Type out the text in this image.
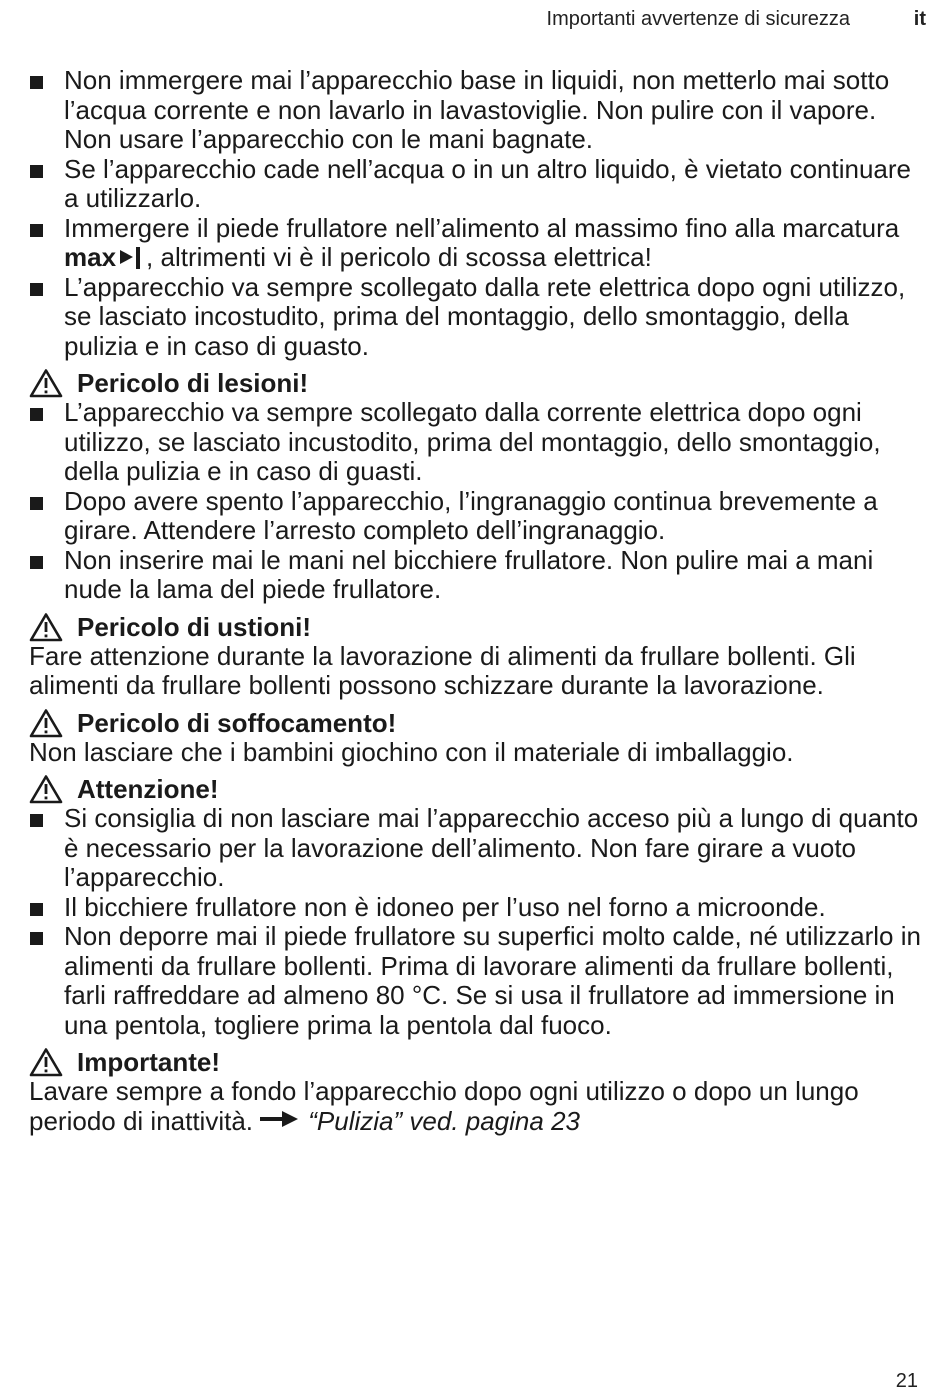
Importanti avvertenze di sicurezza	it
Non immergere mai l’apparecchio base in liquidi, non metterlo mai sotto l’acqua corrente e non lavarlo in lavastoviglie. Non pulire con il vapore. Non usare l’apparecchio con le mani bagnate.
Se l’apparecchio cade nell’acqua o in un altro liquido, è vietato continuare a utilizzarlo.
Immergere il piede frullatore nell’alimento al massimo fino alla marcatura max , altrimenti vi è il pericolo di scossa elettrica!
L’apparecchio va sempre scollegato dalla rete elettrica dopo ogni utilizzo, se lasciato incostudito, prima del montaggio, dello smontaggio, della pulizia e in caso di guasto.
Pericolo di lesioni!
L’apparecchio va sempre scollegato dalla corrente elettrica dopo ogni utilizzo, se lasciato incustodito, prima del montaggio, dello smontaggio, della pulizia e in caso di guasti.
Dopo avere spento l’apparecchio, l’ingranaggio continua brevemente a girare. Attendere l’arresto completo dell’ingranaggio.
Non inserire mai le mani nel bicchiere frullatore. Non pulire mai a mani nude la lama del piede frullatore.
Pericolo di ustioni!
Fare attenzione durante la lavorazione di alimenti da frullare bollenti. Gli alimenti da frullare bollenti possono schizzare durante la lavorazione.
Pericolo di soffocamento!
Non lasciare che i bambini giochino con il materiale di imballaggio.
Attenzione!
Si consiglia di non lasciare mai l’apparecchio acceso più a lungo di quanto è necessario per la lavorazione dell’alimento. Non fare girare a vuoto l’apparecchio.
Il bicchiere frullatore non è idoneo per l’uso nel forno a microonde.
Non deporre mai il piede frullatore su superfici molto calde, né utilizzarlo in alimenti da frullare bollenti. Prima di lavorare alimenti da frullare bollenti, farli raffreddare ad almeno 80 °C. Se si usa il frullatore ad immersione in una pentola, togliere prima la pentola dal fuoco.
Importante!
Lavare sempre a fondo l’apparecchio dopo ogni utilizzo o dopo un lungo periodo di inattività. “Pulizia” ved. pagina 23
21
